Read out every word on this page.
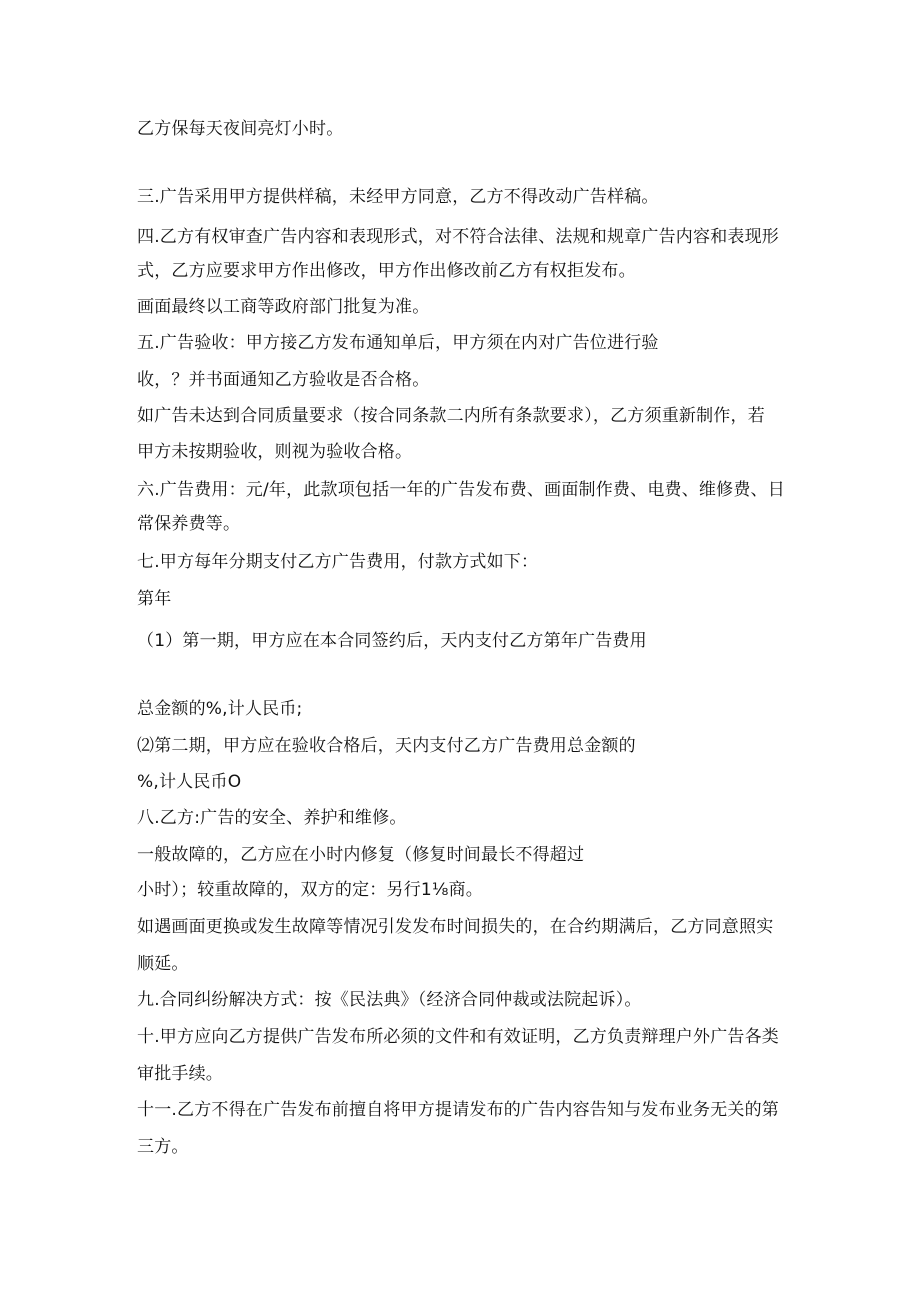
乙方保每天夜间亮灯小时。
三.广告采用甲方提供样稿，未经甲方同意，乙方不得改动广告样稿。
四.乙方有权审查广告内容和表现形式，对不符合法律、法规和规章广告内容和表现形
式，乙方应要求甲方作出修改，甲方作出修改前乙方有权拒发布。
画面最终以工商等政府部门批复为准。
五.广告验收：甲方接乙方发布通知单后，甲方须在内对广告位进行验
收，？并书面通知乙方验收是否合格。
如广告未达到合同质量要求（按合同条款二内所有条款要求），乙方须重新制作，若
甲方未按期验收，则视为验收合格。
六.广告费用：元/年，此款项包括一年的广告发布费、画面制作费、电费、维修费、日
常保养费等。
七.甲方每年分期支付乙方广告费用，付款方式如下：
第年
（1）第一期，甲方应在本合同签约后，天内支付乙方第年广告费用
总金额的%,计人民币;
⑵第二期，甲方应在验收合格后，天内支付乙方广告费用总金额的
%,计人民币O
八.乙方:广告的安全、养护和维修。
一般故障的，乙方应在小时内修复（修复时间最长不得超过
小时）；较重故障的，双方的定：另行1⅛商。
如遇画面更换或发生故障等情况引发发布时间损失的，在合约期满后，乙方同意照实
顺延。
九.合同纠纷解决方式：按《民法典》（经济合同仲裁或法院起诉）。
十.甲方应向乙方提供广告发布所必须的文件和有效证明，乙方负责辩理户外广告各类
审批手续。
十一.乙方不得在广告发布前擅自将甲方提请发布的广告内容告知与发布业务无关的第
三方。
